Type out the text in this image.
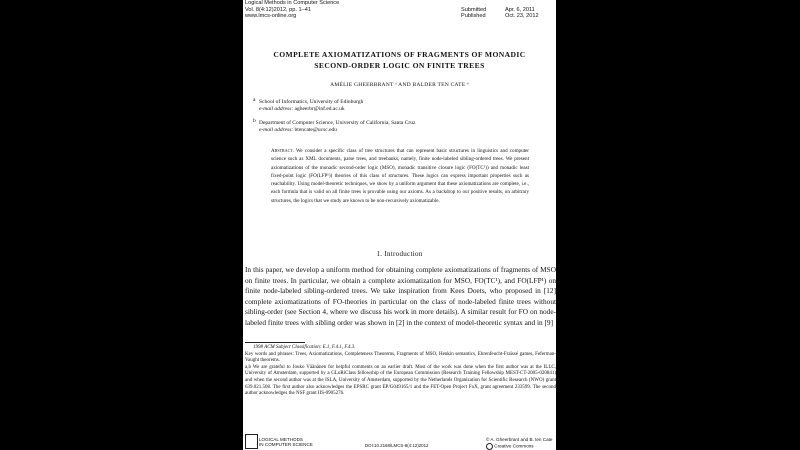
Logical Methods in Computer Science
Vol. 8(4:12)2012, pp. 1–41
www.lmcs-online.org
Submitted	Apr. 6, 2011
Published	Oct. 23, 2012
COMPLETE AXIOMATIZATIONS OF FRAGMENTS OF MONADIC
SECOND-ORDER LOGIC ON FINITE TREES
AMÉLIE GHEERBRANT ᵃ AND BALDER TEN CATE ᵇ
a School of Informatics, University of Edinburgh
e-mail address: agheerbr@inf.ed.ac.uk
b Department of Computer Science, University of California, Santa Cruz
e-mail address: btencate@ucsc.edu
Abstract. We consider a specific class of tree structures that can represent basic structures in linguistics and computer science such as XML documents, parse trees, and treebanks, namely, finite node-labeled sibling-ordered trees. We present axiomatizations of the monadic second-order logic (MSO), monadic transitive closure logic (FO(TC¹)) and monadic least fixed-point logic (FO(LFP¹)) theories of this class of structures. These logics can express important properties such as reachability. Using model-theoretic techniques, we show by a uniform argument that these axiomatizations are complete, i.e., each formula that is valid on all finite trees is provable using our axioms. As a backdrop to our positive results, on arbitrary structures, the logics that we study are known to be non-recursively axiomatizable.
1. Introduction
In this paper, we develop a uniform method for obtaining complete axiomatizations of fragments of MSO on finite trees. In particular, we obtain a complete axiomatization for MSO, FO(TC¹), and FO(LFP¹) on finite node-labeled sibling-ordered trees. We take inspiration from Kees Doets, who proposed in [12] complete axiomatizations of FO-theories in particular on the class of node-labeled finite trees without sibling-order (see Section 4, where we discuss his work in more details). A similar result for FO on node-labeled finite trees with sibling order was shown in [2] in the context of model-theoretic syntax and in [9]

1998 ACM Subject Classification: E.1, F.4.1, F.4.3.

Key words and phrases: Trees, Axiomatizations, Completeness Theorems, Fragments of MSO, Henkin semantics, Ehrenfeucht-Fraïssé games, Feferman-Vaught theorems.

a,b We are grateful to Jouko Väänänen for helpful comments on an earlier draft. Most of the work was done when the first author was at the ILLC, University of Amsterdam, supported by a GLoRiClass fellowship of the European Commission (Research Training Fellowship MEST-CT-2005-020841) and when the second author was at the ISLA, University of Amsterdam, supported by the Netherlands Organization for Scientific Research (NWO) grant 639.021.508. The first author also acknowledges the EPSRC grant EP/G049165/1 and the FET-Open Project FoX, grant agreement 233599. The second author acknowledges the NSF grant IIS-0905276.

LOGICAL METHODS
IN COMPUTER SCIENCE	DOI:10.2168/LMCS-8(4:12)2012
© A. Gheerbrant and B. ten Cate
Creative Commons
